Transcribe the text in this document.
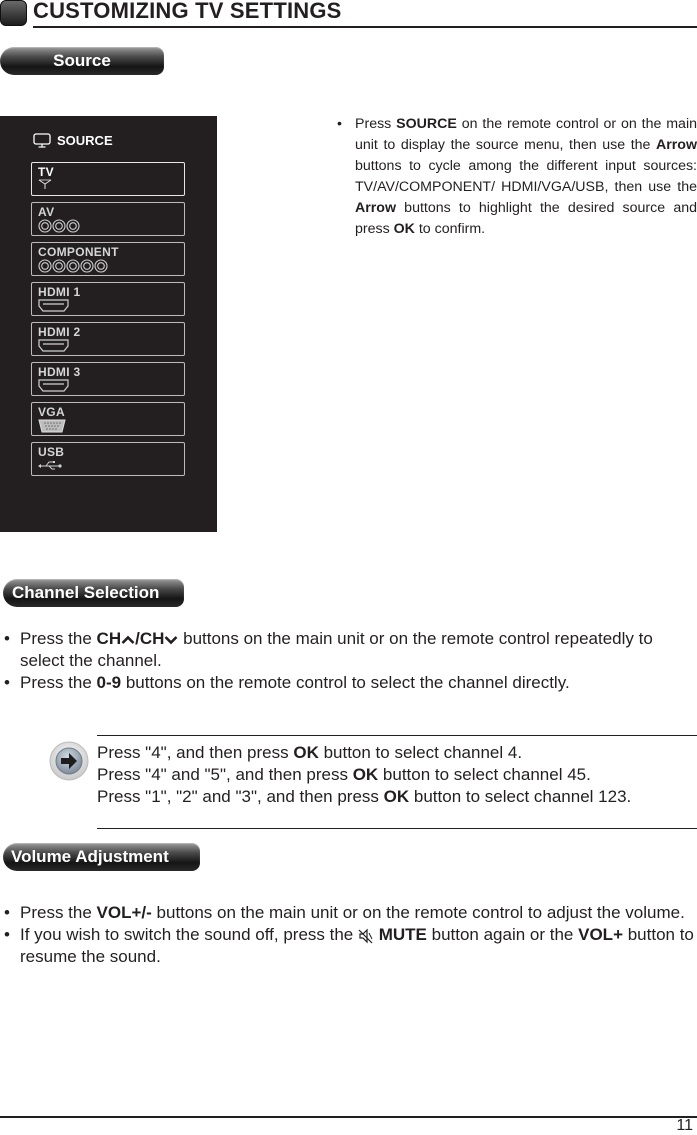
CUSTOMIZING TV SETTINGS
Source
SOURCE
TV
AV
COMPONENT
HDMI 1
HDMI 2
HDMI 3
VGA
USB
• Press SOURCE on the remote control or on the main unit to display the source menu, then use the Arrow buttons to cycle among the different input sources: TV/AV/COMPONENT/ HDMI/VGA/USB, then use the Arrow buttons to highlight the desired source and press OK to confirm.
Channel Selection
• Press the CH /CH buttons on the main unit or on the remote control repeatedly to select the channel.
• Press the 0-9 buttons on the remote control to select the channel directly.
Press "4", and then press OK button to select channel 4.
Press "4" and "5", and then press OK button to select channel 45.
Press "1", "2" and "3", and then press OK button to select channel 123.
Volume Adjustment
• Press the VOL+/- buttons on the main unit or on the remote control to adjust the volume.
• If you wish to switch the sound off, press the  MUTE button again or the VOL+ button to resume the sound.
11
